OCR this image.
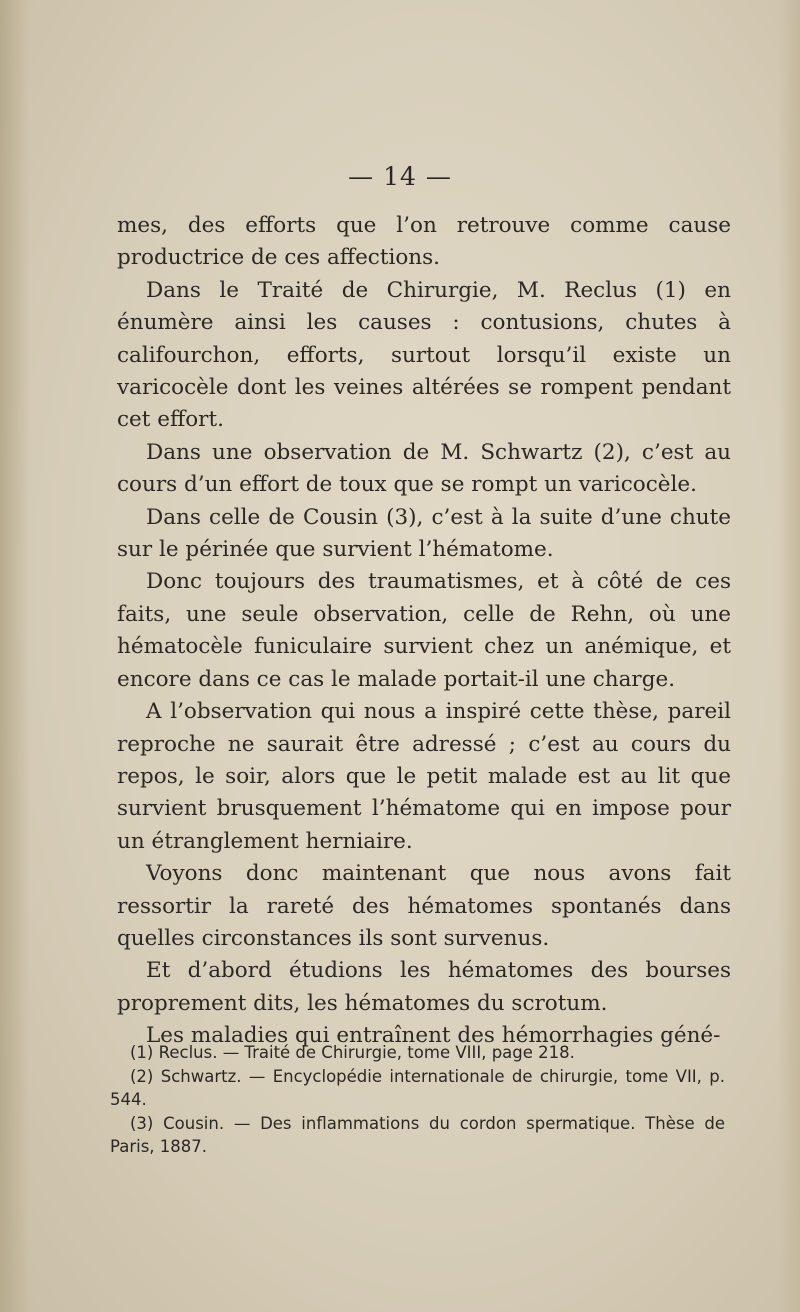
— 14 —

mes, des efforts que l’on retrouve comme cause productrice de ces affections.

Dans le Traité de Chirurgie, M. Reclus (1) en énumère ainsi les causes : contusions, chutes à califourchon, efforts, surtout lorsqu’il existe un varicocèle dont les veines altérées se rompent pendant cet effort.

Dans une observation de M. Schwartz (2), c’est au cours d’un effort de toux que se rompt un varicocèle.

Dans celle de Cousin (3), c’est à la suite d’une chute sur le périnée que survient l’hématome.

Donc toujours des traumatismes, et à côté de ces faits, une seule observation, celle de Rehn, où une hématocèle funiculaire survient chez un anémique, et encore dans ce cas le malade portait-il une charge.

A l’observation qui nous a inspiré cette thèse, pareil reproche ne saurait être adressé ; c’est au cours du repos, le soir, alors que le petit malade est au lit que survient brusquement l’hématome qui en impose pour un étranglement herniaire.

Voyons donc maintenant que nous avons fait ressortir la rareté des hématomes spontanés dans quelles circonstances ils sont survenus.

Et d’abord étudions les hématomes des bourses proprement dits, les hématomes du scrotum.

Les maladies qui entraînent des hémorrhagies géné-

(1) Reclus. — Traité de Chirurgie, tome VIII, page 218.

(2) Schwartz. — Encyclopédie internationale de chirurgie, tome VII, p. 544.

(3) Cousin. — Des inflammations du cordon spermatique. Thèse de Paris, 1887.
